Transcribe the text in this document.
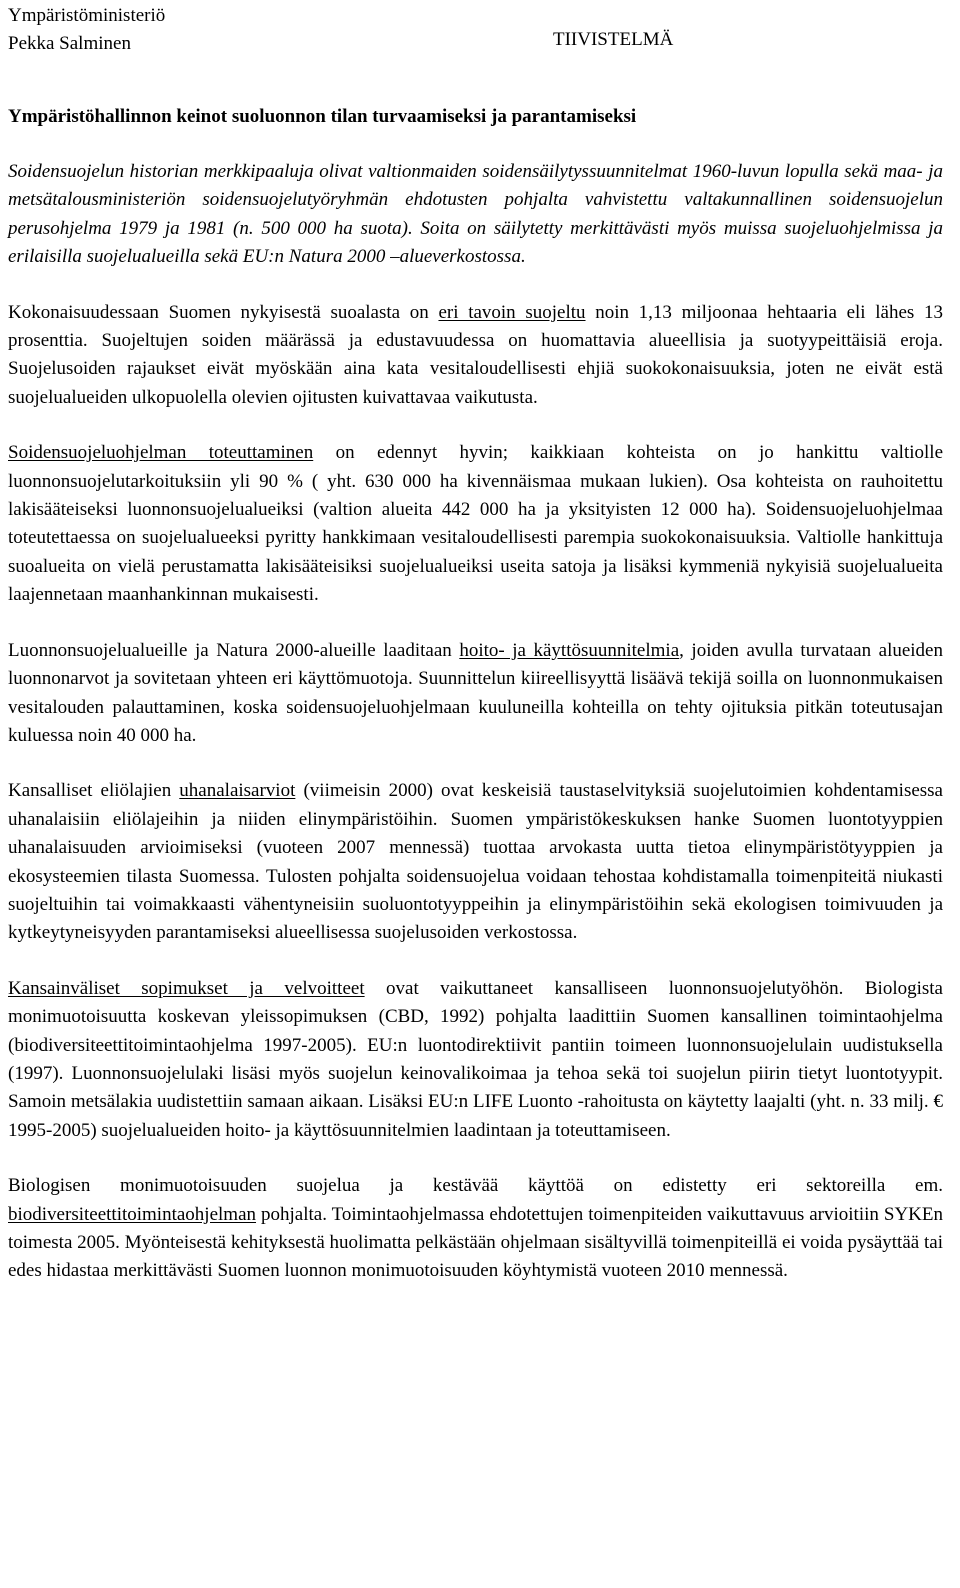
Ympäristöministeriö
Pekka Salminen	TIIVISTELMÄ
Ympäristöhallinnon keinot suoluonnon tilan turvaamiseksi ja parantamiseksi

Soidensuojelun historian merkkipaaluja olivat valtionmaiden soidensäilytyssuunnitelmat 1960-luvun lopulla sekä maa- ja metsätalousministeriön soidensuojelutyöryhmän ehdotusten pohjalta vahvistettu valtakunnallinen soidensuojelun perusohjelma 1979 ja 1981 (n. 500 000 ha suota). Soita on säilytetty merkittävästi myös muissa suojeluohjelmissa ja erilaisilla suojelualueilla sekä EU:n Natura 2000 –alueverkostossa.

Kokonaisuudessaan Suomen nykyisestä suoalasta on eri tavoin suojeltu noin 1,13 miljoonaa hehtaaria eli lähes 13 prosenttia. Suojeltujen soiden määrässä ja edustavuudessa on huomattavia alueellisia ja suotyypeittäisiä eroja. Suojelusoiden rajaukset eivät myöskään aina kata vesitaloudellisesti ehjiä suokokonaisuuksia, joten ne eivät estä suojelualueiden ulkopuolella olevien ojitusten kuivattavaa vaikutusta.

Soidensuojeluohjelman toteuttaminen on edennyt hyvin; kaikkiaan kohteista on jo hankittu valtiolle luonnonsuojelutarkoituksiin yli 90 % ( yht. 630 000 ha kivennäismaa mukaan lukien). Osa kohteista on rauhoitettu lakisääteiseksi luonnonsuojelualueiksi (valtion alueita 442 000 ha ja yksityisten 12 000 ha). Soidensuojeluohjelmaa toteutettaessa on suojelualueeksi pyritty hankkimaan vesitaloudellisesti parempia suokokonaisuuksia. Valtiolle hankittuja suoalueita on vielä perustamatta lakisääteisiksi suojelualueiksi useita satoja ja lisäksi kymmeniä nykyisiä suojelualueita laajennetaan maanhankinnan mukaisesti.

Luonnonsuojelualueille ja Natura 2000-alueille laaditaan hoito- ja käyttösuunnitelmia, joiden avulla turvataan alueiden luonnonarvot ja sovitetaan yhteen eri käyttömuotoja. Suunnittelun kiireellisyyttä lisäävä tekijä soilla on luonnonmukaisen vesitalouden palauttaminen, koska soidensuojeluohjelmaan kuuluneilla kohteilla on tehty ojituksia pitkän toteutusajan kuluessa noin 40 000 ha.

Kansalliset eliölajien uhanalaisarviot (viimeisin 2000) ovat keskeisiä taustaselvityksiä suojelutoimien kohdentamisessa uhanalaisiin eliölajeihin ja niiden elinympäristöihin. Suomen ympäristökeskuksen hanke Suomen luontotyyppien uhanalaisuuden arvioimiseksi (vuoteen 2007 mennessä) tuottaa arvokasta uutta tietoa elinympäristötyyppien ja ekosysteemien tilasta Suomessa. Tulosten pohjalta soidensuojelua voidaan tehostaa kohdistamalla toimenpiteitä niukasti suojeltuihin tai voimakkaasti vähentyneisiin suoluontotyyppeihin ja elinympäristöihin sekä ekologisen toimivuuden ja kytkeytyneisyyden parantamiseksi alueellisessa suojelusoiden verkostossa.

Kansainväliset sopimukset ja velvoitteet ovat vaikuttaneet kansalliseen luonnonsuojelutyöhön. Biologista monimuotoisuutta koskevan yleissopimuksen (CBD, 1992) pohjalta laadittiin Suomen kansallinen toimintaohjelma (biodiversiteettitoimintaohjelma 1997-2005). EU:n luontodirektiivit pantiin toimeen luonnonsuojelulain uudistuksella (1997). Luonnonsuojelulaki lisäsi myös suojelun keinovalikoimaa ja tehoa sekä toi suojelun piirin tietyt luontotyypit. Samoin metsälakia uudistettiin samaan aikaan. Lisäksi EU:n LIFE Luonto -rahoitusta on käytetty laajalti (yht. n. 33 milj. € 1995-2005) suojelualueiden hoito- ja käyttösuunnitelmien laadintaan ja toteuttamiseen.

Biologisen monimuotoisuuden suojelua ja kestävää käyttöä on edistetty eri sektoreilla em. biodiversiteettitoimintaohjelman pohjalta. Toimintaohjelmassa ehdotettujen toimenpiteiden vaikuttavuus arvioitiin SYKEn toimesta 2005. Myönteisestä kehityksestä huolimatta pelkästään ohjelmaan sisältyvillä toimenpiteillä ei voida pysäyttää tai edes hidastaa merkittävästi Suomen luonnon monimuotoisuuden köyhtymistä vuoteen 2010 mennessä.
